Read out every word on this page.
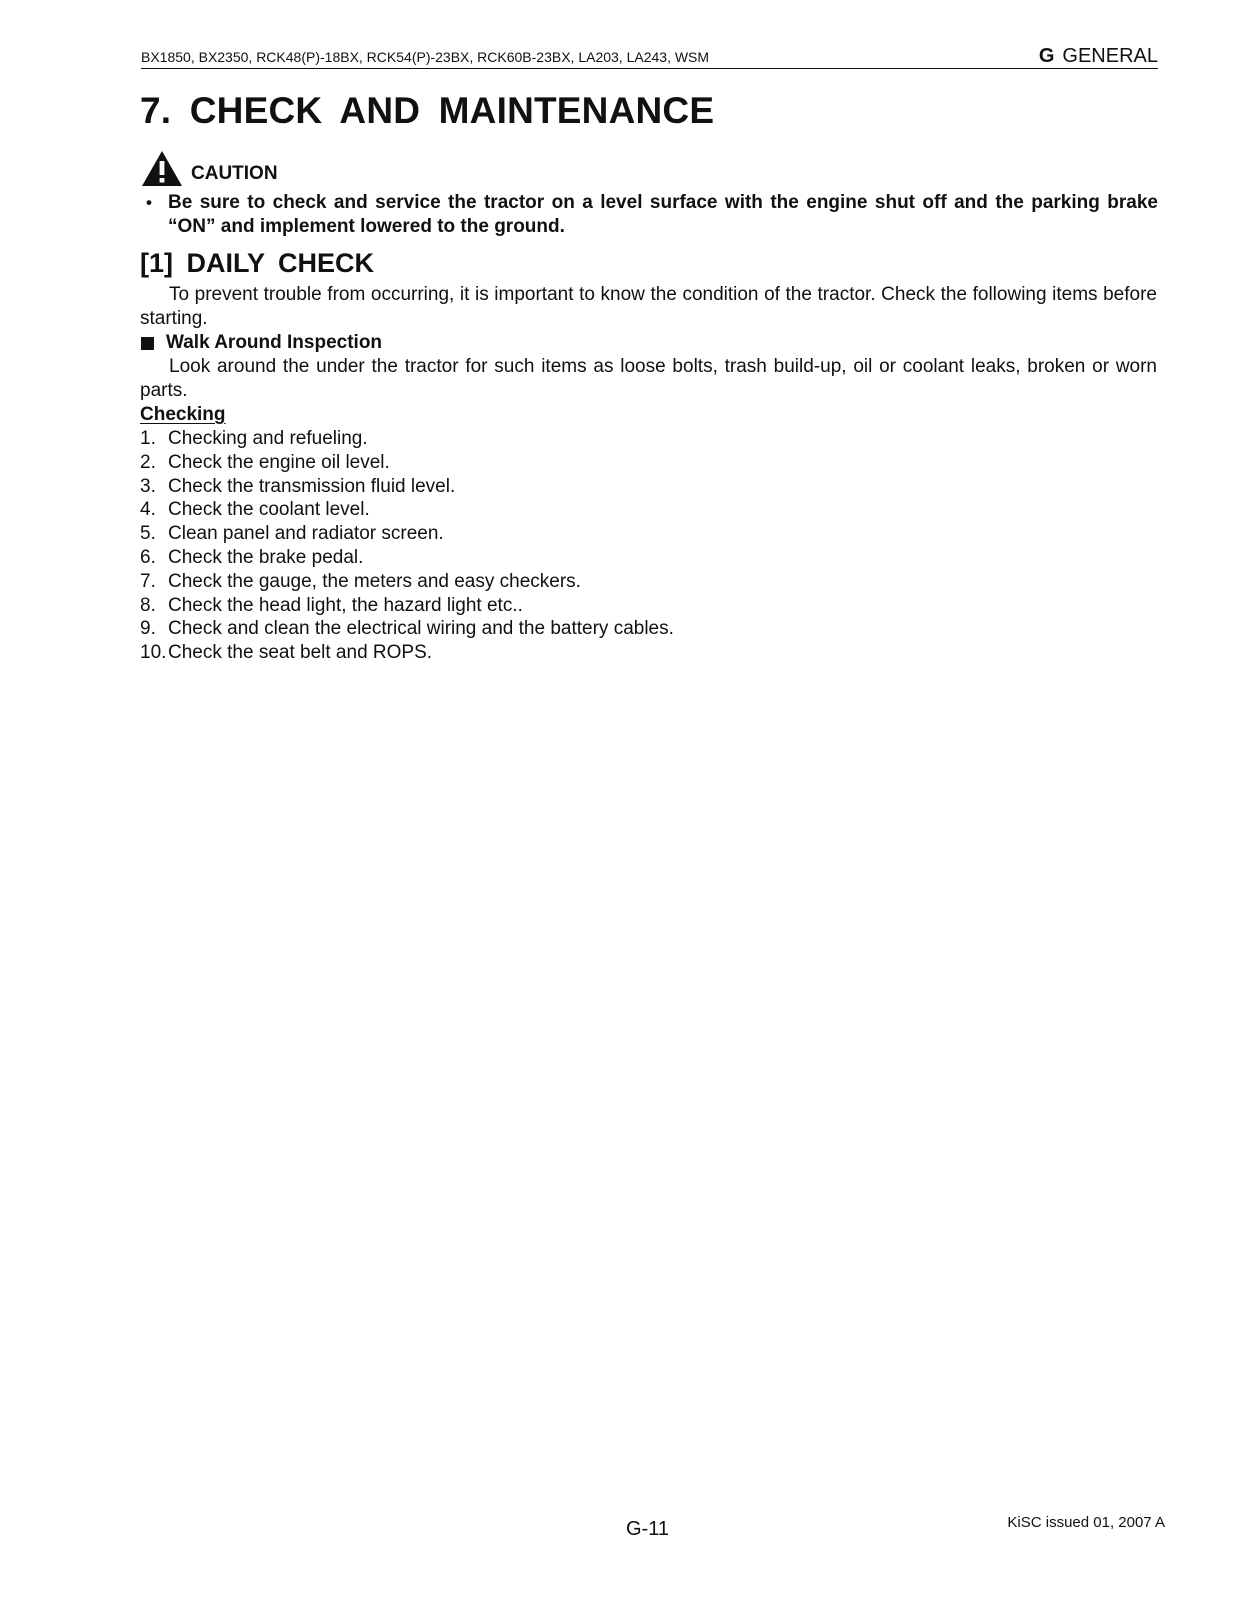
BX1850, BX2350, RCK48(P)-18BX, RCK54(P)-23BX, RCK60B-23BX, LA203, LA243, WSM	G GENERAL
7. CHECK AND MAINTENANCE
CAUTION
• Be sure to check and service the tractor on a level surface with the engine shut off and the parking brake “ON” and implement lowered to the ground.
[1] DAILY CHECK

To prevent trouble from occurring, it is important to know the condition of the tractor. Check the following items before starting.

Walk Around Inspection

Look around the under the tractor for such items as loose bolts, trash build-up, oil or coolant leaks, broken or worn parts.

Checking
1. Checking and refueling.
2. Check the engine oil level.
3. Check the transmission fluid level.
4. Check the coolant level.
5. Clean panel and radiator screen.
6. Check the brake pedal.
7. Check the gauge, the meters and easy checkers.
8. Check the head light, the hazard light etc..
9. Check and clean the electrical wiring and the battery cables.
10. Check the seat belt and ROPS.
G-11	KiSC issued 01, 2007 A
